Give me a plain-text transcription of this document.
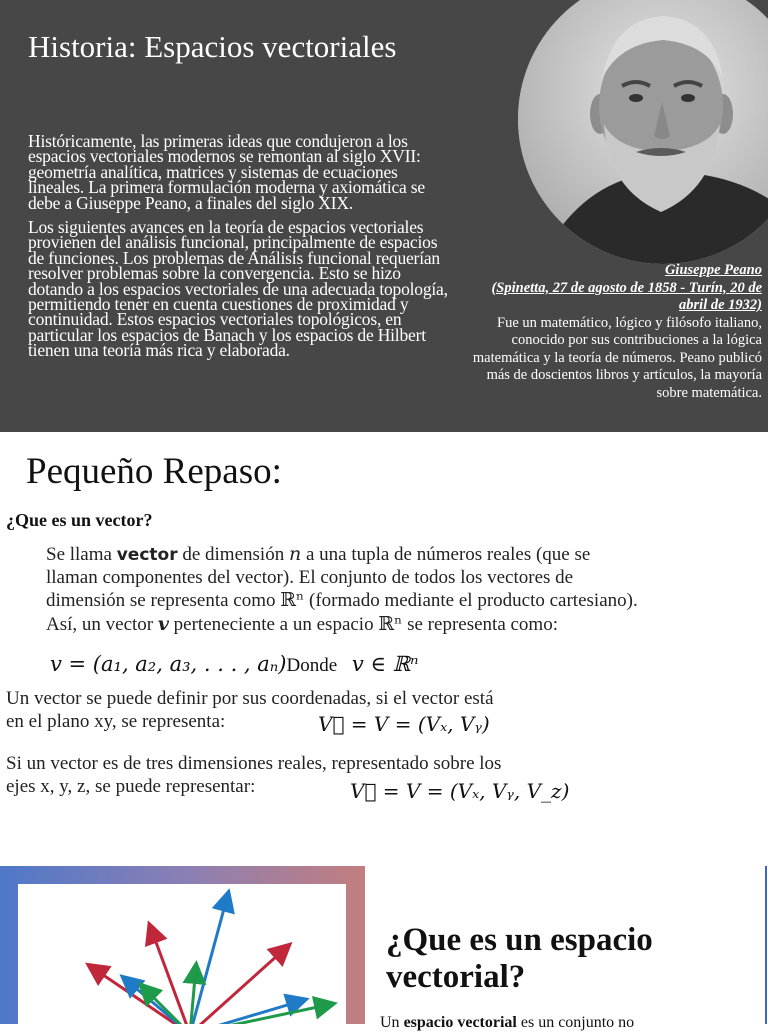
Historia: Espacios vectoriales

Históricamente, las primeras ideas que condujeron a los espacios vectoriales modernos se remontan al siglo XVII: geometría analítica, matrices y sistemas de ecuaciones lineales. La primera formulación moderna y axiomática se debe a Giuseppe Peano, a finales del siglo XIX.

Los siguientes avances en la teoría de espacios vectoriales provienen del análisis funcional, principalmente de espacios de funciones. Los problemas de Análisis funcional requerían resolver problemas sobre la convergencia. Esto se hizo dotando a los espacios vectoriales de una adecuada topología, permitiendo tener en cuenta cuestiones de proximidad y continuidad. Estos espacios vectoriales topológicos, en particular los espacios de Banach y los espacios de Hilbert tienen una teoría más rica y elaborada.

Giuseppe Peano
(Spinetta, 27 de agosto de 1858 - Turín, 20 de abril de 1932)
Fue un matemático, lógico y filósofo italiano, conocido por sus contribuciones a la lógica matemática y la teoría de números. Peano publicó más de doscientos libros y artículos, la mayoría sobre matemática.
Pequeño Repaso:
¿Que es un vector?

Se llama vector de dimensión n a una tupla de números reales (que se llaman componentes del vector). El conjunto de todos los vectores de dimensión se representa como ℝⁿ (formado mediante el producto cartesiano).

Así, un vector v perteneciente a un espacio ℝⁿ se representa como:

v = (a₁, a₂, a₃, . . . , aₙ)Donde v ∈ ℝⁿ

Un vector se puede definir por sus coordenadas, si el vector está

en el plano xy, se representa:	V⃗ = V = (Vₓ, Vᵧ)

Si un vector es de tres dimensiones reales, representado sobre los

ejes x, y, z, se puede representar:	V⃗ = V = (Vₓ, Vᵧ, V_z)
¿Que es un espacio vectorial?
Un espacio vectorial es un conjunto no
